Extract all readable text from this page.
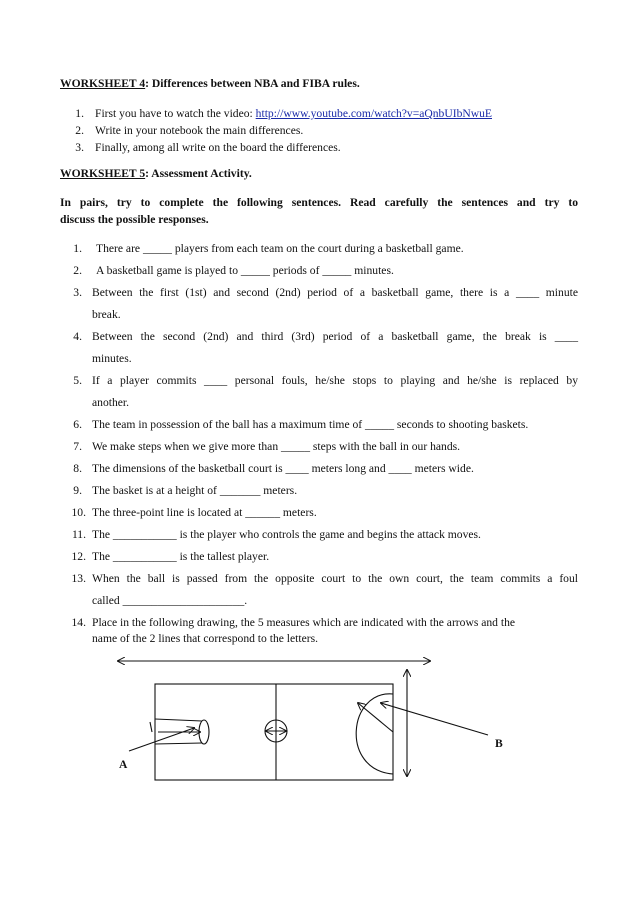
WORKSHEET 4: Differences between NBA and FIBA rules.
1. First you have to watch the video: http://www.youtube.com/watch?v=aQnbUIbNwuE
2. Write in your notebook the main differences.
3. Finally, among all write on the board the differences.
WORKSHEET 5: Assessment Activity.
In pairs, try to complete the following sentences. Read carefully the sentences and try to
discuss the possible responses.
1. There are _____ players from each team on the court during a basketball game.
2. A basketball game is played to _____ periods of _____ minutes.
3. Between the first (1st) and second (2nd) period of a basketball game, there is a ____ minute
break.
4. Between the second (2nd) and third (3rd) period of a basketball game, the break is ____
minutes.
5. If a player commits ____ personal fouls, he/she stops to playing and he/she is replaced by
another.
6. The team in possession of the ball has a maximum time of _____ seconds to shooting baskets.
7. We make steps when we give more than _____ steps with the ball in our hands.
8. The dimensions of the basketball court is ____ meters long and ____ meters wide.
9. The basket is at a height of _______ meters.
10. The three-point line is located at ______ meters.
11. The ___________ is the player who controls the game and begins the attack moves.
12. The ___________ is the tallest player.
13. When the ball is passed from the opposite court to the own court, the team commits a foul
called _____________________.
14. Place in the following drawing, the 5 measures which are indicated with the arrows and the
name of the 2 lines that correspond to the letters.
A
B
